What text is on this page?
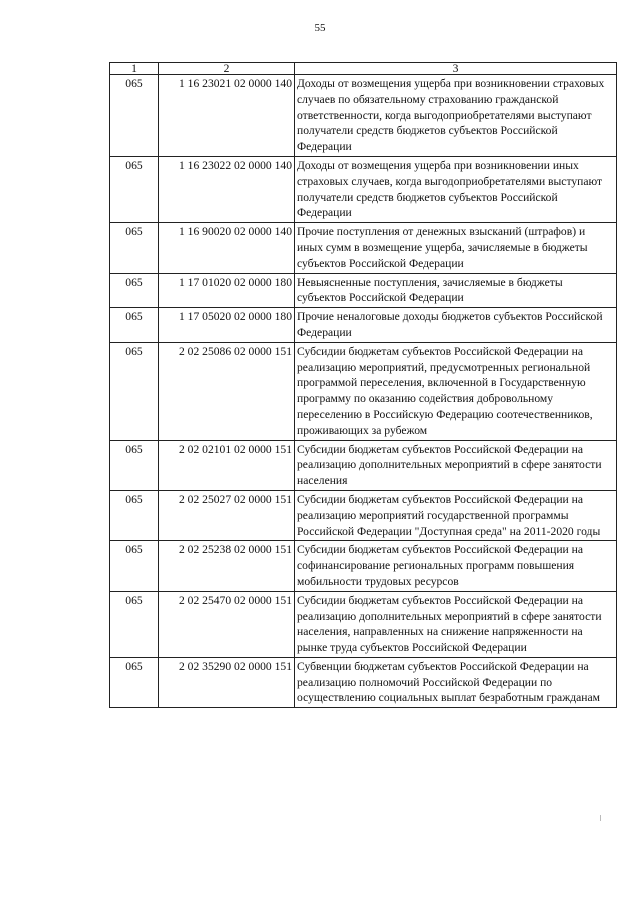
55
1	2	3
065	1 16 23021 02 0000 140	Доходы от возмещения ущерба при возникновении страховых случаев по обязательному страхованию гражданской ответственности, когда выгодоприобретателями выступают получатели средств бюджетов субъектов Российской Федерации
065	1 16 23022 02 0000 140	Доходы от возмещения ущерба при возникновении иных страховых случаев, когда выгодоприобретателями выступают получатели средств бюджетов субъектов Российской Федерации
065	1 16 90020 02 0000 140	Прочие поступления от денежных взысканий (штрафов) и иных сумм в возмещение ущерба, зачисляемые в бюджеты субъектов Российской Федерации
065	1 17 01020 02 0000 180	Невыясненные поступления, зачисляемые в бюджеты субъектов Российской Федерации
065	1 17 05020 02 0000 180	Прочие неналоговые доходы бюджетов субъектов Российской Федерации
065	2 02 25086 02 0000 151	Субсидии бюджетам субъектов Российской Федерации на реализацию мероприятий, предусмотренных региональной программой переселения, включенной в Государственную программу по оказанию содействия добровольному переселению в Российскую Федерацию соотечественников, проживающих за рубежом
065	2 02 02101 02 0000 151	Субсидии бюджетам субъектов Российской Федерации на реализацию дополнительных мероприятий в сфере занятости населения
065	2 02 25027 02 0000 151	Субсидии бюджетам субъектов Российской Федерации на реализацию мероприятий государственной программы Российской Федерации "Доступная среда" на 2011-2020 годы
065	2 02 25238 02 0000 151	Субсидии бюджетам субъектов Российской Федерации на софинансирование региональных программ повышения мобильности трудовых ресурсов
065	2 02 25470 02 0000 151	Субсидии бюджетам субъектов Российской Федерации на реализацию дополнительных мероприятий в сфере занятости населения, направленных на снижение напряженности на рынке труда субъектов Российской Федерации
065	2 02 35290 02 0000 151	Субвенции бюджетам субъектов Российской Федерации на реализацию полномочий Российской Федерации по осуществлению социальных выплат безработным гражданам
